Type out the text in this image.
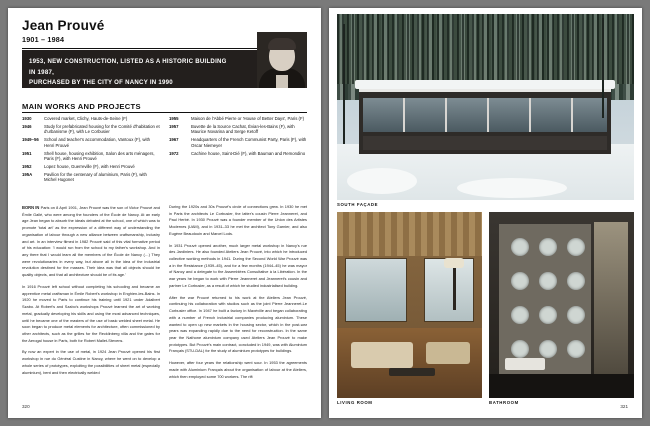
Jean Prouvé
1901 – 1984
1953, NEW CONSTRUCTION, LISTED AS A HISTORIC BUILDING IN 1987,
PURCHASED BY THE CITY OF NANCY IN 1990
4 – 6 RUE AUGUSTIN-HACQUARD, NANCY (F)
MAIN WORKS AND PROJECTS
1930	Covered market, Clichy, Hauts-de-Seine (F)
1946	Study for prefabricated housing for the Comité d'habitation et d'urbanisme (F), with Le Corbusier
1949–56	School and teacher's accommodation, Vantoux (F), with Henri Prouvé
1951	Shell house, housing exhibition, Salon des arts ménagers, Paris (F), with Henri Prouvé
1952	Lopez house, Guerreville (F), with Henri Prouvé
195A	Pavilion for the centenary of aluminium, Paris (F), with Michel Hugonet
1955	Maison de l'Abbé Pierre or 'House of Better Days', Paris (F)
1957	Buvette de la Source Cachat, Évian-les-Bains (F), with Maurice Novarina and Serge Ketoff
1967	Headquarters of the French Communist Party, Paris (F), with Oscar Niemeyer
1972	Cachine house, Saint-Dié (F), with Bauman and Remondino

BORN IN Paris on 8 April 1901, Jean Prouvé was the son of Victor Prouvé and Émile Gallé, who were among the founders of the École de Nancy. At an early age Jean began to absorb the ideals debated at the school, one of which was to promote 'total art' as the expression of a different way of understanding the organisation of labour through a new alliance between craftsmanship, industry and art. In an interview filmed in 1982 Prouvé said of this vital formative period of his education: 'I would run from the school to my father's workshop. And in any there that I would learn all the members of the École de Nancy (…) They were revolutionaries in every way, but above all in the idea of the industrial revolution destined for the masses. Their idea was that all objects should be quality objects, and that all architecture should be of its age.'

In 1916 Prouvé left school without completing his schooling and became an apprentice metal craftsman in Émile Robert's workshop in Enghien-les-Bains. In 1920 he moved to Paris to continue his training until 1921 under Adalbert Szabo. At Robert's and Szabo's workshops Prouvé learned the art of working metal, gradually developing his skills and using the most advanced techniques, until he became one of the masters of the use of basic welded sheet metal. He soon began to produce metal elements for architecture, often commissioned by other architects, such as the grilles for the Recklinberg villa and the gates for the Aerogal house in Paris, both for Robert Mallet-Stevens.

By now an expert in the use of metal, in 1924 Jean Prouvé opened his first workshop in rue du Général Custine in Nancy, where he went on to develop a whole series of prototypes, exploiting the possibilities of sheet metal (especially aluminium), bent and then electrically welded

During the 1920s and 30s Prouvé's circle of connections grew. In 1930 he met in Paris the architects Le Corbusier, the latter's cousin Pierre Jeanneret, and Paul Herbé. In 1930 Prouvé was a founder member of the Union des Artistes Modernes (UAM), and in 1931–33 he met the architect Tony Garnier, and also Eugène Beaudouin and Marcel Lods.

In 1931 Prouvé opened another, much larger metal workshop in Nancy's rue des Jardiniers. He also founded Ateliers Jean Prouvé, into which he introduced collective working methods in 1941. During the Second World War Prouvé was a in the Resistance (1939–45), and for a few months (1944–45) he was mayor of Nancy and a delegate to the Assemblées Consultative à la Libération. In the war years he began to work with Pierre Jeanneret and Jeanneret's cousin and partner Le Corbusier, as a result of which he studied industrialised building.

After the war Prouvé returned to his work at the Ateliers Jean Prouvé, continuing his collaboration with studios such as the joint Pierre Jeanneret-Le Corbusier office. In 1947 he built a factory in Maxéville and began collaborating with a number of French industrial companies producing aluminium. These wanted to open up new markets in the housing sector, which in the post-war years was expanding rapidly due to the need for reconstruction. In the same year the Nathone aluminium company used Ateliers Jean Prouvé to make prototypes. But Prouvé's main contract, concluded in 1949, was with Aluminium Français (STU-DAL) for the study of aluminium prototypes for buildings.

However, after four years the relationship went sour. In 1953 the agreements made with Aluminium Français about the organisation of labour at the Ateliers, which then employed some 700 workers. The rift

320	321
SOUTH FAÇADE
LIVING ROOM	BATHROOM
